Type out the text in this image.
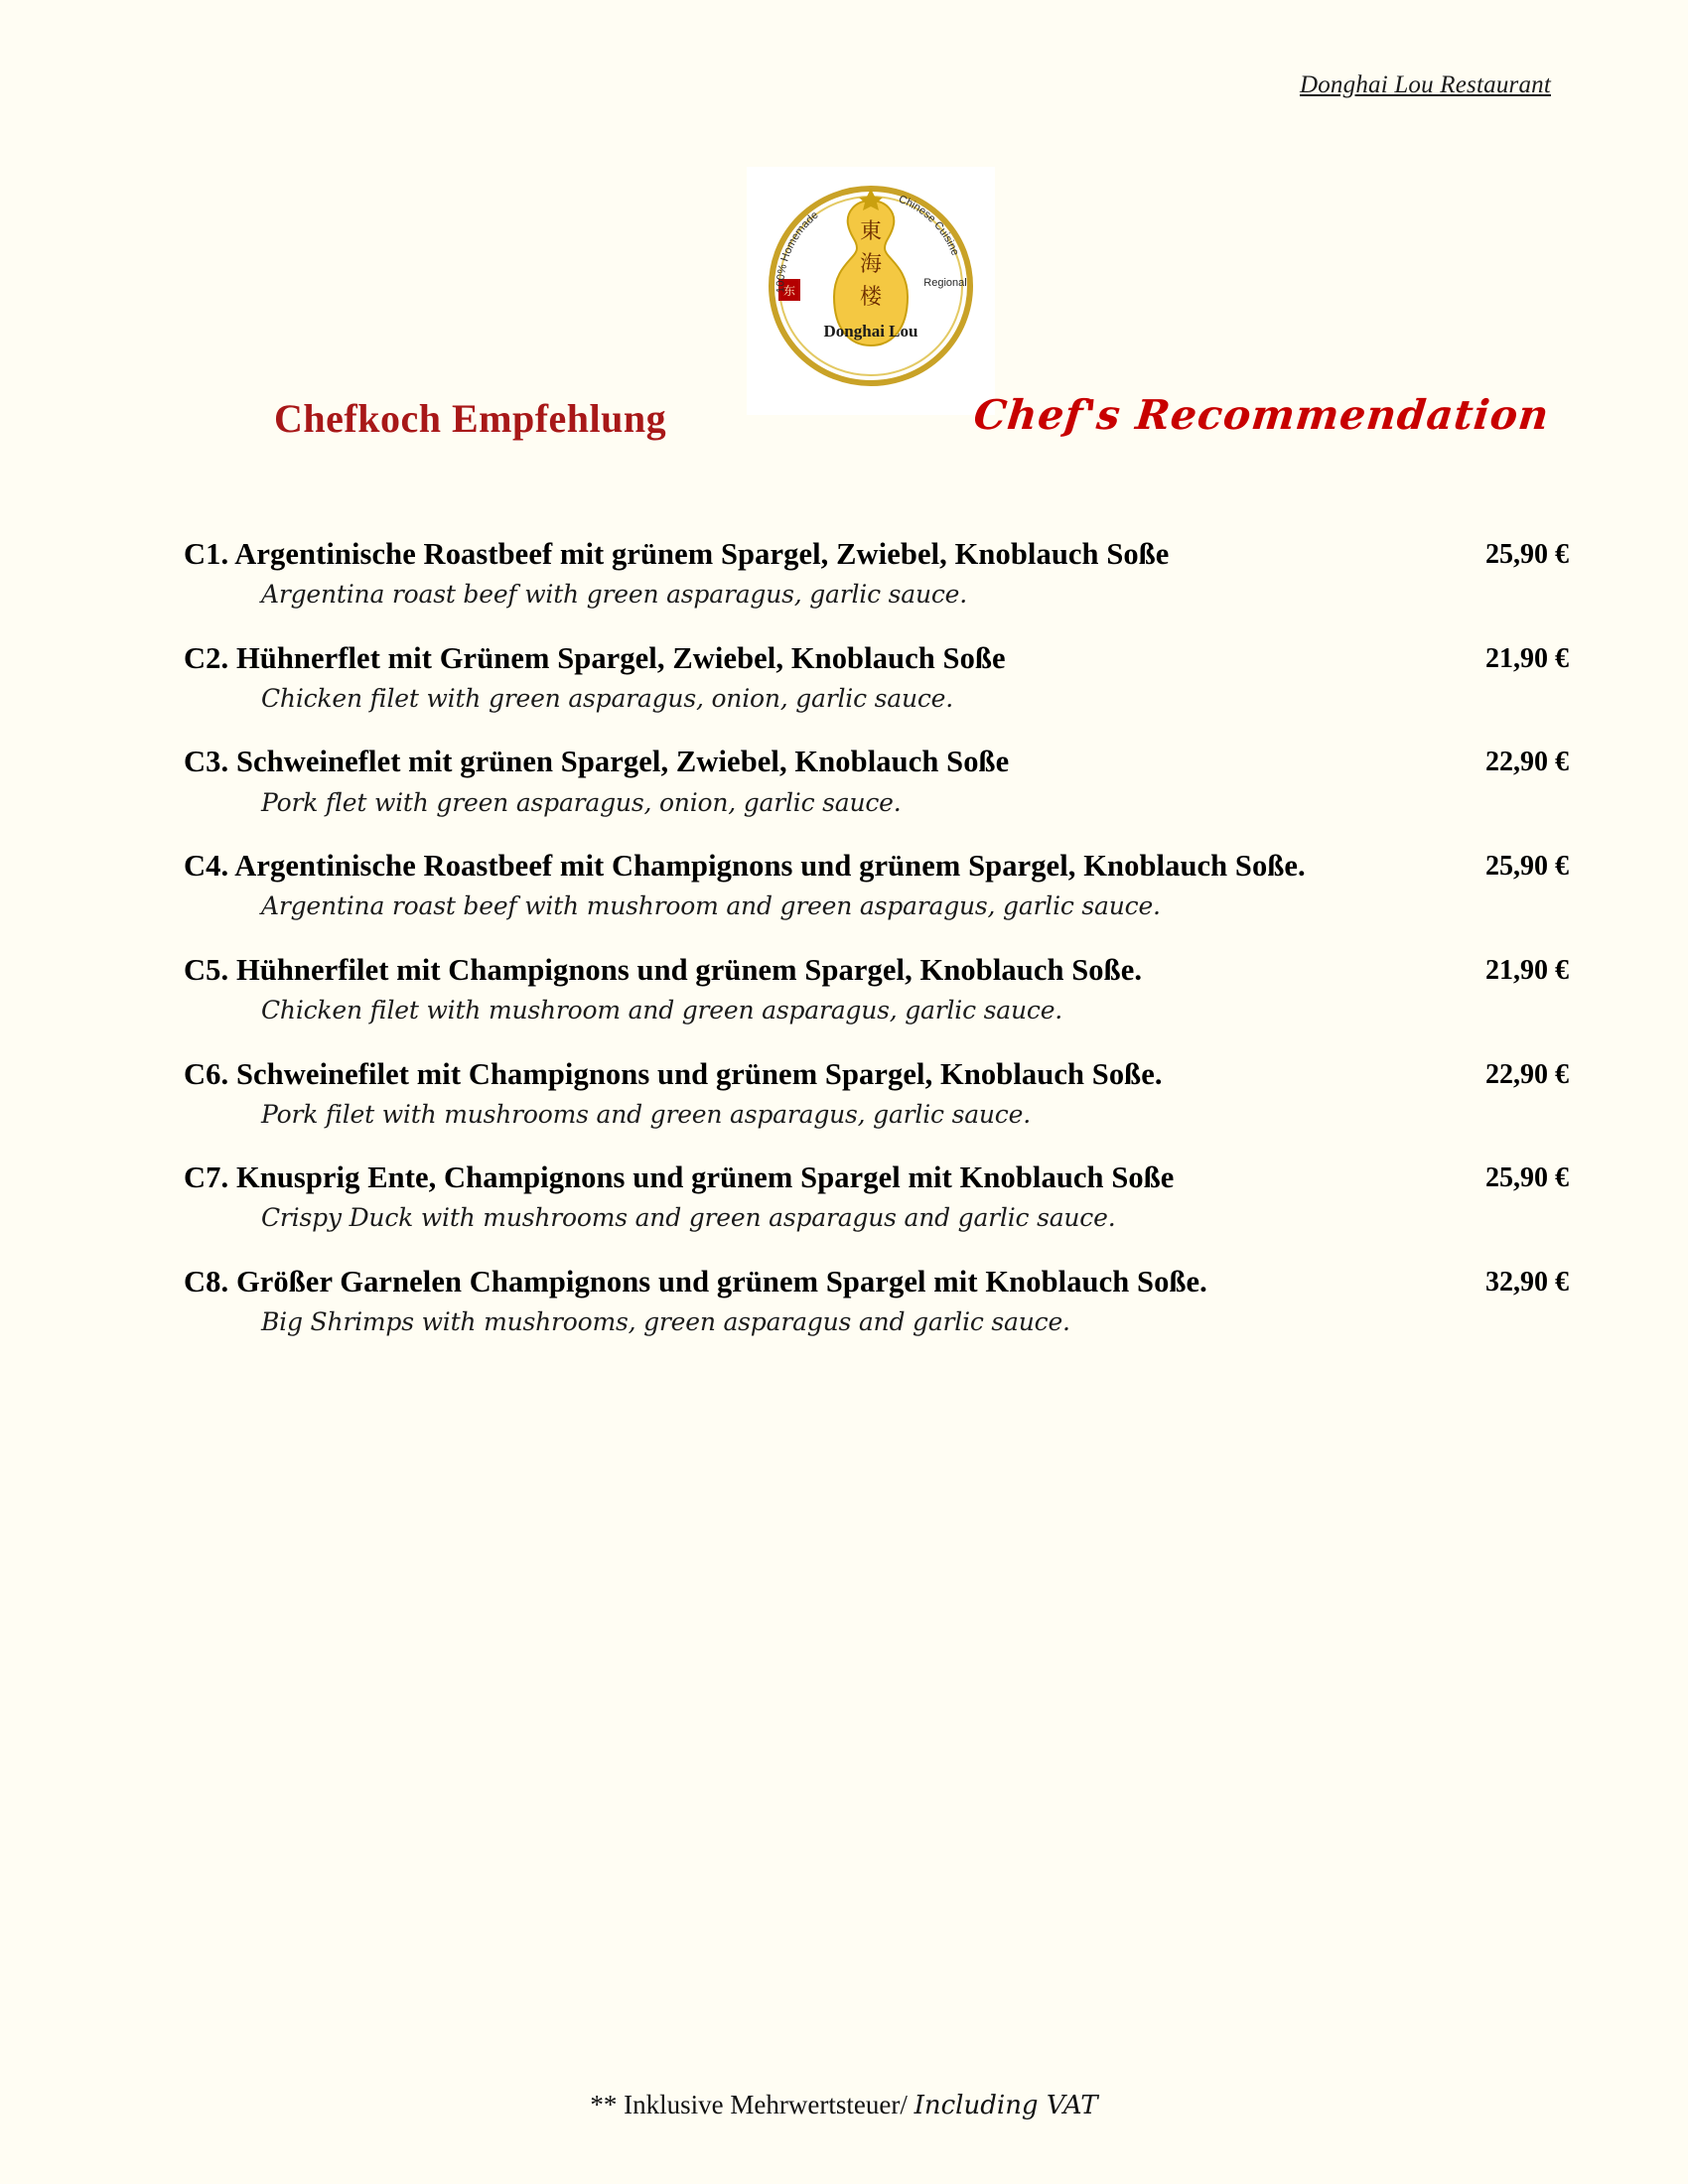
Donghai Lou Restaurant
東
海
楼
东
Donghai Lou
100% Homemade
Chinese Cuisine
Regional
Chefkoch Empfehlung	Chef's Recommendation
C1. Argentinische Roastbeef mit grünem Spargel, Zwiebel, Knoblauch Soße	25,90 €
Argentina roast beef with green asparagus, garlic sauce.
C2. Hühnerflet mit Grünem Spargel, Zwiebel, Knoblauch Soße	21,90 €
Chicken filet with green asparagus, onion, garlic sauce.
C3. Schweineflet mit grünen Spargel, Zwiebel, Knoblauch Soße	22,90 €
Pork flet with green asparagus, onion, garlic sauce.
C4. Argentinische Roastbeef mit Champignons und grünem Spargel, Knoblauch Soße.	25,90 €
Argentina roast beef with mushroom and green asparagus, garlic sauce.
C5. Hühnerfilet mit Champignons und grünem Spargel, Knoblauch Soße.	21,90 €
Chicken filet with mushroom and green asparagus, garlic sauce.
C6. Schweinefilet mit Champignons und grünem Spargel, Knoblauch Soße.	22,90 €
Pork filet with mushrooms and green asparagus, garlic sauce.
C7. Knusprig Ente, Champignons und grünem Spargel mit Knoblauch Soße	25,90 €
Crispy Duck with mushrooms and green asparagus and garlic sauce.
C8. Größer Garnelen Champignons und grünem Spargel mit Knoblauch Soße.	32,90 €
Big Shrimps with mushrooms, green asparagus and garlic sauce.
** Inklusive Mehrwertsteuer/ Including VAT
